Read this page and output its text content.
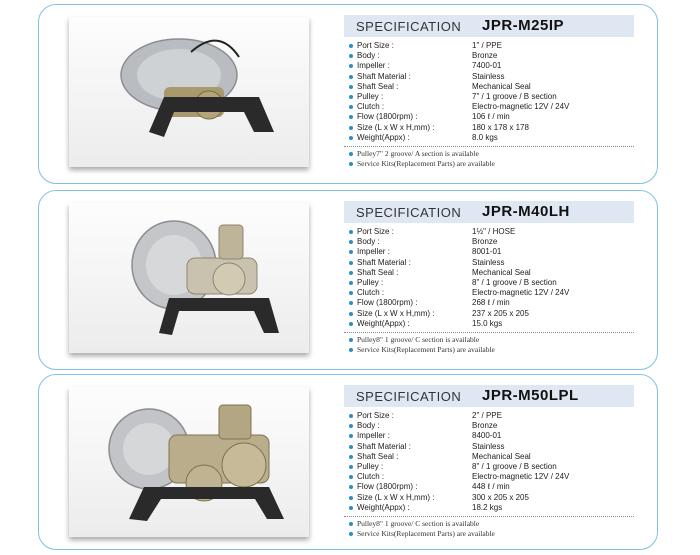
SPECIFICATION JPR-M25IP
Port Size :	1" / PPE
Body :	Bronze
Impeller :	7400-01
Shaft Material :	Stainless
Shaft Seal :	Mechanical Seal
Pulley :	7" / 1 groove / B section
Clutch :	Electro-magnetic 12V / 24V
Flow (1800rpm) :	106 ℓ / min
Size (L x W x H,mm) :	180 x 178 x 178
Weight(Appx) :	8.0 kgs
Pulley7" 2 groove/ A section is available
Service Kits(Replacement Parts) are available
SPECIFICATION JPR-M40LH
Port Size :	1½" / HOSE
Body :	Bronze
Impeller :	8001-01
Shaft Material :	Stainless
Shaft Seal :	Mechanical Seal
Pulley :	8" / 1 groove / B section
Clutch :	Electro-magnetic 12V / 24V
Flow (1800rpm) :	268 ℓ / min
Size (L x W x H,mm) :	237 x 205 x 205
Weight(Appx) :	15.0 kgs
Pulley8" 1 groove/ C section is available
Service Kits(Replacement Parts) are available
SPECIFICATION JPR-M50LPL
Port Size :	2" / PPE
Body :	Bronze
Impeller :	8400-01
Shaft Material :	Stainless
Shaft Seal :	Mechanical Seal
Pulley :	8" / 1 groove / B section
Clutch :	Electro-magnetic 12V / 24V
Flow (1800rpm) :	448 ℓ / min
Size (L x W x H,mm) :	300 x 205 x 205
Weight(Appx) :	18.2 kgs
Pulley8" 1 groove/ C section is available
Service Kits(Replacement Parts) are available
